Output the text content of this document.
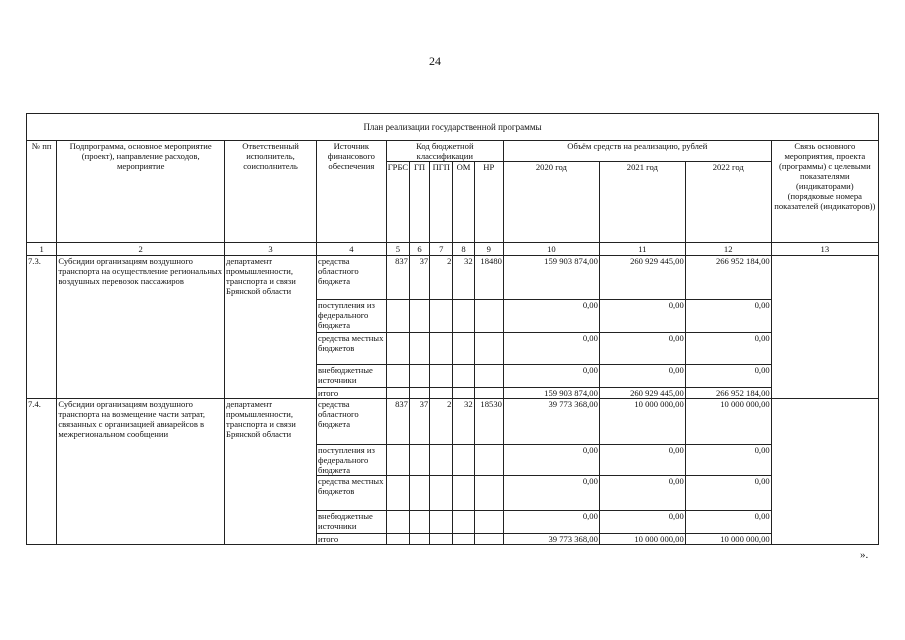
24
План реализации государственной программы												
№ пп	Подпрограмма, основное мероприятие (проект), направление расходов, мероприятие	Ответственный исполнитель, соисполнитель	Источник финансового обеспечения	Код бюджетной классификации					Объём средств на реализацию, рублей			Связь основного мероприятия, проекта (программы) с целевыми показателями (индикаторами) (порядковые номера показателей (индикаторов))
				ГРБС	ГП	ПГП	ОМ	НР	2020 год	2021 год	2022 год	
1	2	3	4	5	6	7	8	9	10	11	12	13
7.3.	Субсидии организациям воздушного транспорта на осуществление региональных воздушных перевозок пассажиров	департамент промышленности, транспорта и связи Брянской области	средства областного бюджета	837	37	2	32	18480	159 903 874,00	260 929 445,00	266 952 184,00	
			поступления из федерального бюджета						0,00	0,00	0,00	
			средства местных бюджетов						0,00	0,00	0,00	
			внебюджетные источники						0,00	0,00	0,00	
			итого						159 903 874,00	260 929 445,00	266 952 184,00	
7.4.	Субсидии организациям воздушного транспорта на возмещение части затрат, связанных с организацией авиарейсов в межрегиональном сообщении	департамент промышленности, транспорта и связи Брянской области	средства областного бюджета	837	37	2	32	18530	39 773 368,00	10 000 000,00	10 000 000,00	
			поступления из федерального бюджета						0,00	0,00	0,00	
			средства местных бюджетов						0,00	0,00	0,00	
			внебюджетные источники						0,00	0,00	0,00	
			итого						39 773 368,00	10 000 000,00	10 000 000,00	
».
